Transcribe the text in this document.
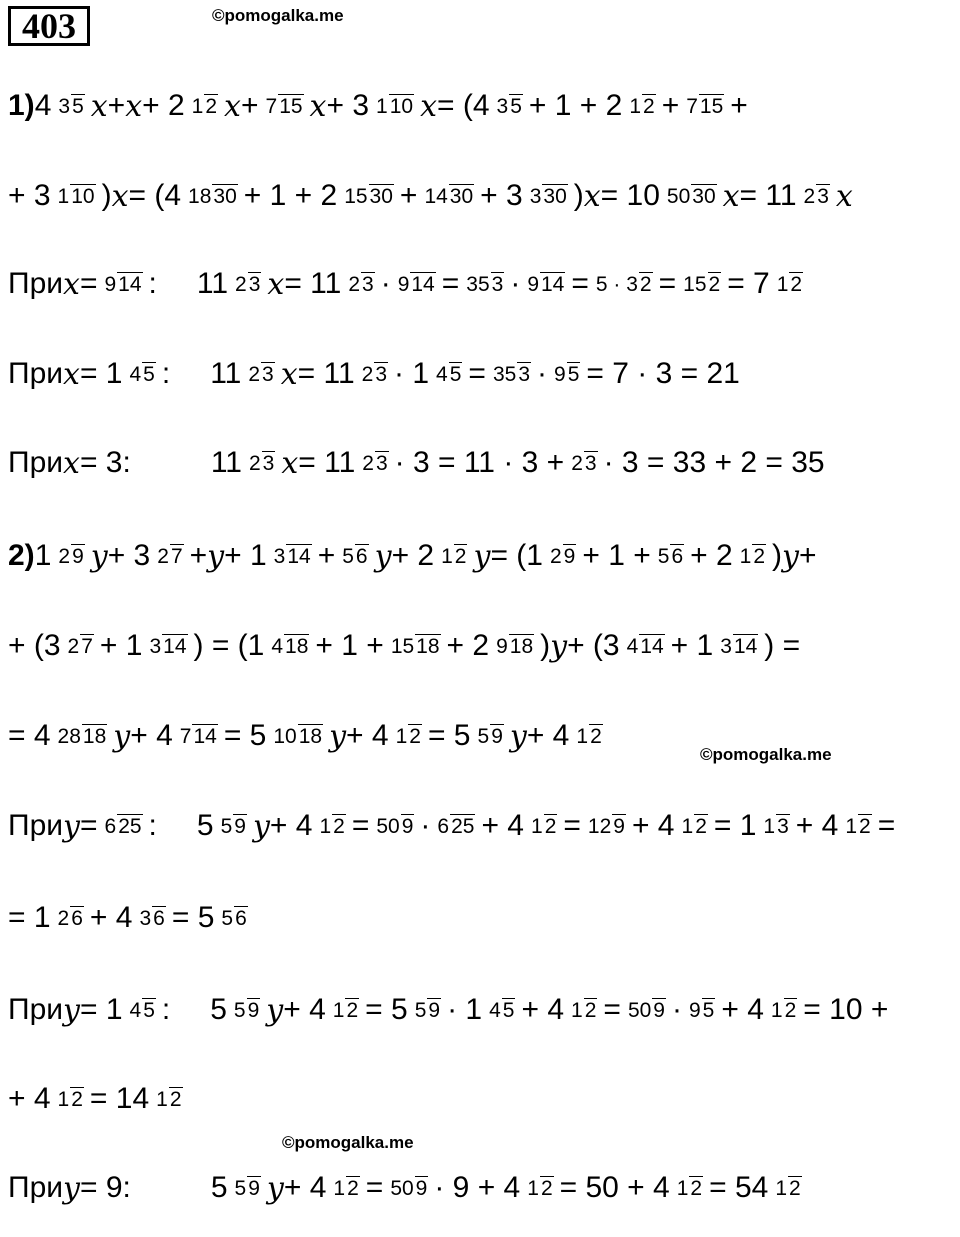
403	©pomogalka.me
©pomogalka.me
©pomogalka.me
1)4 35 x+x+ 2 12 x+715 x+ 3 110 x= (4 35 + 1 + 2 12 + 715 +
+ 3 110 )x= (4 1830 + 1 + 2 1530 + 1430 + 3 330 )x= 10 5030 x= 11 23 x
Приx=914 : 11 23 x= 11 23 · 914 = 353 · 914 = 5 · 32 = 152 = 7 12
Приx= 1 45 : 11 23 x= 11 23 · 1 45 = 353 · 95 = 7 · 3 = 21
Приx= 3:	11 23 x= 11 23 · 3 = 11 · 3 + 23 · 3 = 33 + 2 = 35
2)1 29 y+ 3 27 +y+ 1 314 + 56 y+ 2 12 y= (1 29 + 1 + 56 + 2 12 )y+
+ (3 27 + 1 314 ) = (1 418 + 1 + 1518 + 2 918 )y+ (3 414 + 1 314 ) =
= 4 2818 y+ 4 714 = 5 1018 y+ 4 12 = 5 59 y+ 4 12
Приy=625 : 5 59 y+ 4 12 = 509 · 625 + 4 12 = 129 + 4 12 = 1 13 + 4 12 =
= 1 26 + 4 36 = 5 56
Приy= 1 45 : 5 59 y+ 4 12 = 5 59 · 1 45 + 4 12 = 509 · 95 + 4 12 = 10 +
+ 4 12 = 14 12
Приy= 9:	5 59 y+ 4 12 = 509 · 9 + 4 12 = 50 + 4 12 = 54 12
